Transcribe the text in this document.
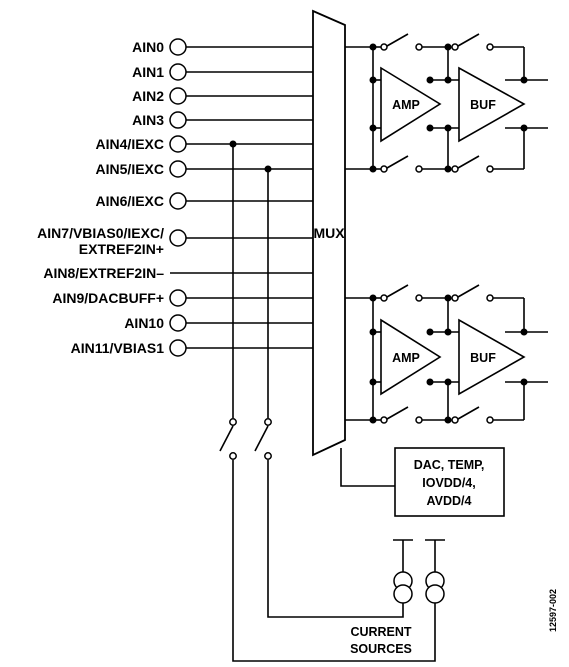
AIN0
AIN1
AIN2
AIN3
AIN4/IEXC
AIN5/IEXC
AIN6/IEXC
AIN7/VBIAS0/IEXC/
EXTREF2IN+
AIN8/EXTREF2IN–
AIN9/DACBUFF+
AIN10
AIN11/VBIAS1
MUX
AMP	BUF
AMP	BUF
DAC, TEMP,
IOVDD/4,
AVDD/4
CURRENT
SOURCES
12597-002
